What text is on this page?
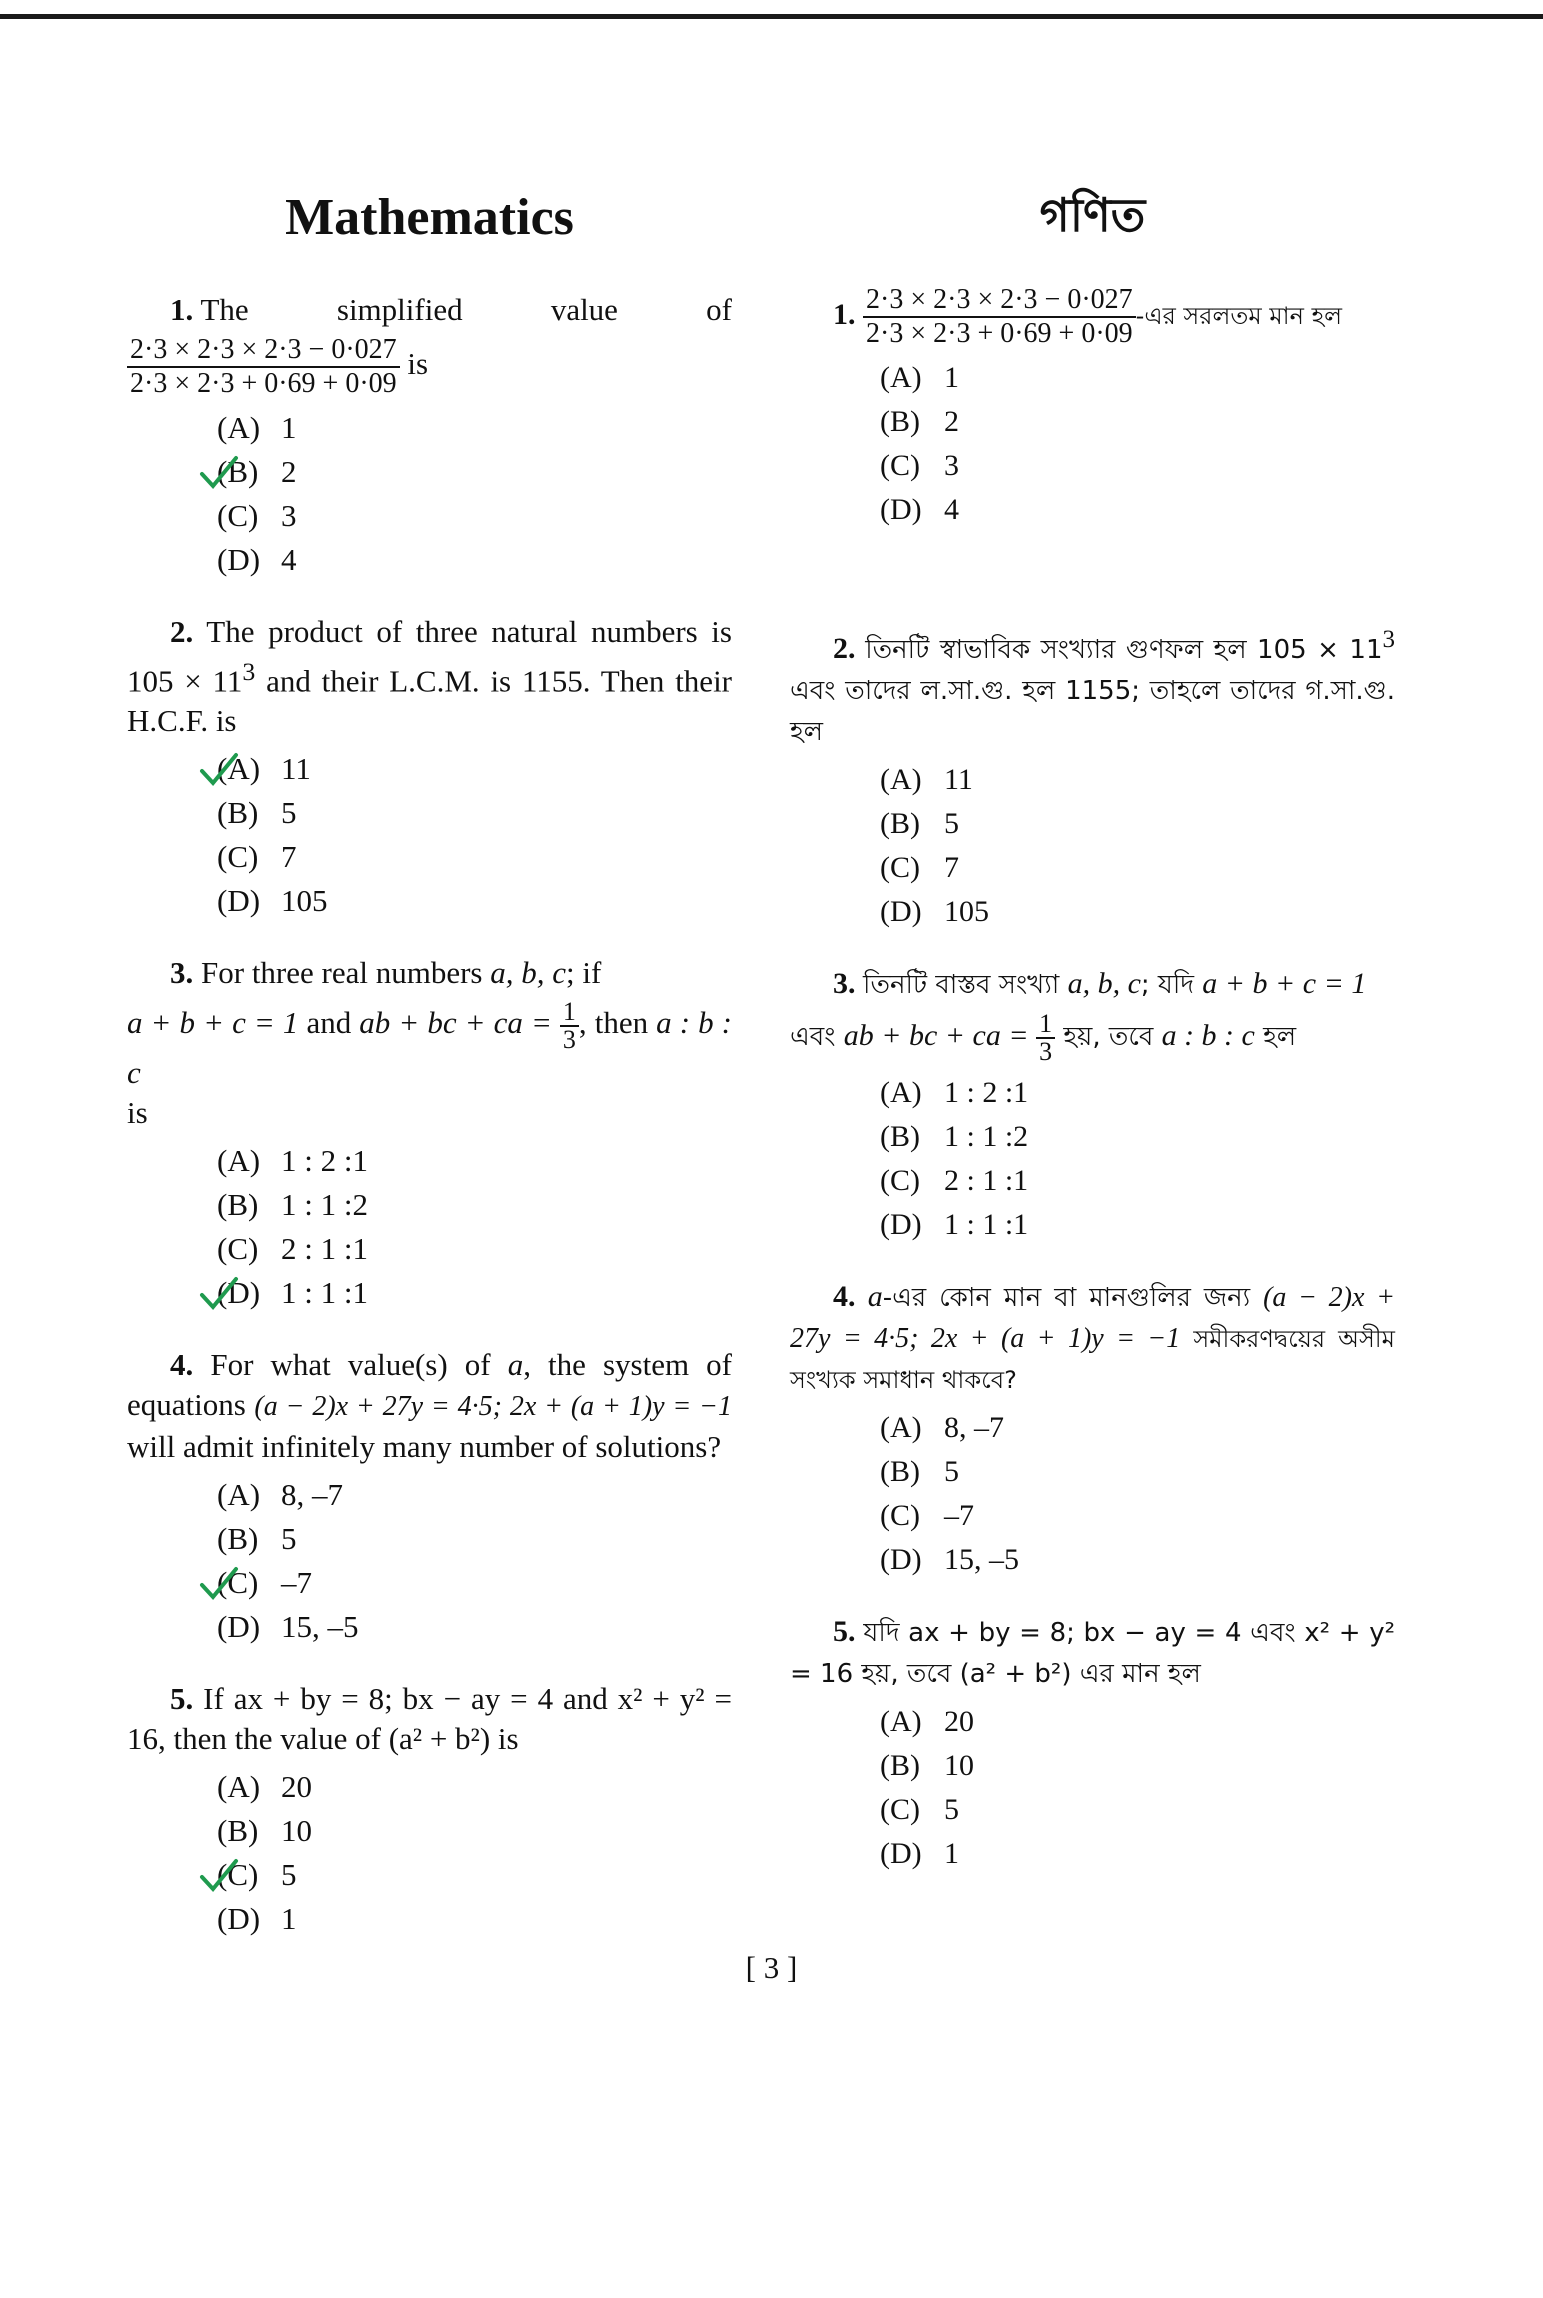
Mathematics
1. The	simplified	value	of
$\frac{2\cdot 3 \times 2\cdot 3 \times 2\cdot 3 - 0\cdot 027}{2\cdot 3 \times 2\cdot 3 + 0\cdot 69 + 0\cdot 09}$ is
(A) 1
(B) 2
(C) 3
(D) 4
2. The product of three natural numbers is $105 \times 11^3$ and their L.C.M. is 1155. Then their H.C.F. is
(A) 11
(B) 5
(C) 7
(D) 105
3. For three real numbers a, b, c; if
a + b + c = 1 and ab + bc + ca = $\frac{1}{3}$ , then a : b : c
is
(A) 1 : 2 :1
(B) 1 : 1 :2
(C) 2 : 1 :1
(D) 1 : 1 :1
4. For what value(s) of a, the system of equations (a − 2)x + 27y = 4·5; 2x + (a + 1)y = −1 will admit infinitely many number of solutions?
(A) 8, –7
(B) 5
(C) –7
(D) 15, –5
5. If ax + by = 8; bx − ay = 4 and x² + y² = 16, then the value of (a² + b²) is
(A) 20
(B) 10
(C) 5
(D) 1
গণিত
1. $\frac{2\cdot 3 \times 2\cdot 3 \times 2\cdot 3 - 0\cdot 027}{2\cdot 3 \times 2\cdot 3 + 0\cdot 69 + 0\cdot 09}$ -এর সরলতম মান হল
(A) 1
(B) 2
(C) 3
(D) 4
2. তিনটি স্বাভাবিক সংখ্যার গুণফল হল $105 \times 11^3$ এবং তাদের ল.সা.গু. হল 1155; তাহলে তাদের গ.সা.গু. হল
(A) 11
(B) 5
(C) 7
(D) 105
3. তিনটি বাস্তব সংখ্যা a, b, c; যদি a + b + c = 1
এবং ab + bc + ca = $\frac{1}{3}$ হয়, তবে a : b : c হল
(A) 1 : 2 :1
(B) 1 : 1 :2
(C) 2 : 1 :1
(D) 1 : 1 :1
4. a-এর কোন মান বা মানগুলির জন্য (a − 2)x + 27y = 4·5; 2x + (a + 1)y = −1 সমীকরণদ্বয়ের অসীম সংখ্যক সমাধান থাকবে?
(A) 8, –7
(B) 5
(C) –7
(D) 15, –5
5. যদি ax + by = 8; bx − ay = 4 এবং x² + y² = 16 হয়, তবে (a² + b²) এর মান হল
(A) 20
(B) 10
(C) 5
(D) 1
[ 3 ]
